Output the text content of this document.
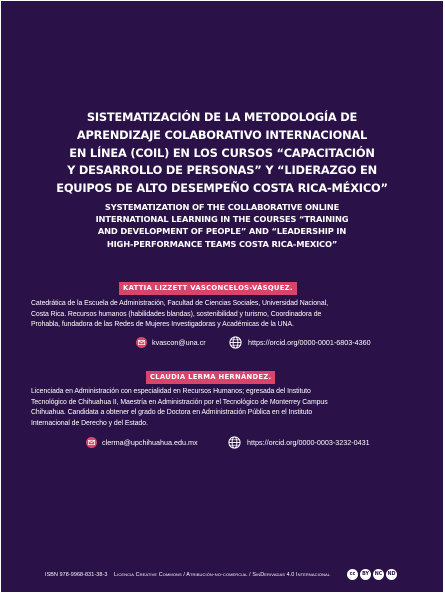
SISTEMATIZACIÓN DE LA METODOLOGÍA DE
APRENDIZAJE COLABORATIVO INTERNACIONAL
EN LÍNEA (COIL) EN LOS CURSOS “CAPACITACIÓN
Y DESARROLLO DE PERSONAS” Y “LIDERAZGO EN
EQUIPOS DE ALTO DESEMPEÑO COSTA RICA-MÉXICO”
SYSTEMATIZATION OF THE COLLABORATIVE ONLINE
INTERNATIONAL LEARNING IN THE COURSES “TRAINING
AND DEVELOPMENT OF PEOPLE” AND “LEADERSHIP IN
HIGH-PERFORMANCE TEAMS COSTA RICA-MEXICO”
KATTIA LIZZETT VASCONCELOS-VÁSQUEZ.
Catedrática de la Escuela de Administración, Facultad de Ciencias Sociales, Universidad Nacional,
Costa Rica. Recursos humanos (habilidades blandas), sostenibilidad y turismo, Coordinadora de
Prohabla, fundadora de las Redes de Mujeres Investigadoras y Académicas de la UNA.
kvascon@una.cr	https://orcid.org/0000-0001-6803-4360
CLAUDIA LERMA HERNÁNDEZ.
Licenciada en Administración con especialidad en Recursos Humanos; egresada del Instituto
Tecnológico de Chihuahua II, Maestría en Administración por el Tecnológico de Monterrey Campus
Chihuahua. Candidata a obtener el grado de Doctora en Administración Pública en el Instituto
Internacional de Derecho y del Estado.
clerma@upchihuahua.edu.mx	https://orcid.org/0000-0003-3232-0431
ISBN 978-9968-831-38-3 Licencia Creative Commons / Atribución-no-comercial / SinDerivadas 4.0 Internacional	cc	BY	NC	ND
